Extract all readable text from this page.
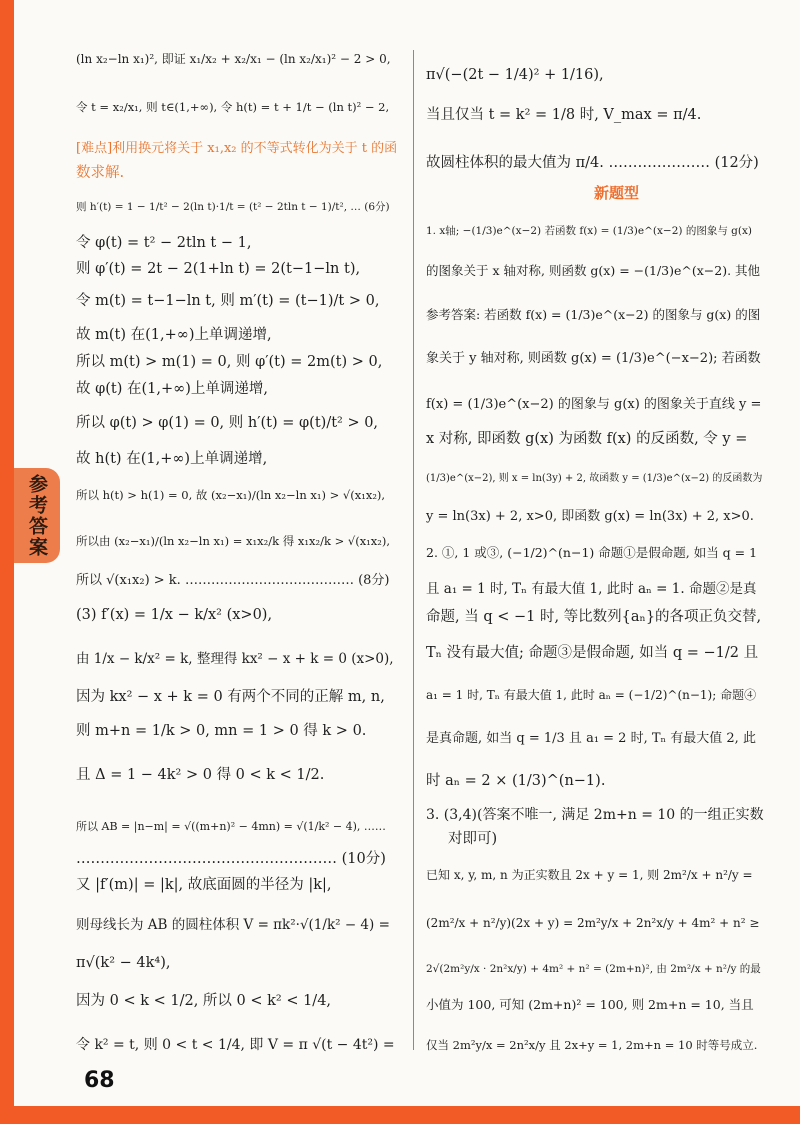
参考答案
(ln x₂−ln x₁)², 即证 x₁/x₂ + x₂/x₁ − (ln x₂/x₁)² − 2 > 0,
令 t = x₂/x₁, 则 t∈(1,+∞), 令 h(t) = t + 1/t − (ln t)² − 2,
[难点]利用换元将关于 x₁,x₂ 的不等式转化为关于 t 的函
数求解.
则 h′(t) = 1 − 1/t² − 2(ln t)·1/t = (t² − 2tln t − 1)/t², … (6分)
令 φ(t) = t² − 2tln t − 1,
则 φ′(t) = 2t − 2(1+ln t) = 2(t−1−ln t),
令 m(t) = t−1−ln t, 则 m′(t) = (t−1)/t > 0,
故 m(t) 在(1,+∞)上单调递增,
所以 m(t) > m(1) = 0, 则 φ′(t) = 2m(t) > 0,
故 φ(t) 在(1,+∞)上单调递增,
所以 φ(t) > φ(1) = 0, 则 h′(t) = φ(t)/t² > 0,
故 h(t) 在(1,+∞)上单调递增,
所以 h(t) > h(1) = 0, 故 (x₂−x₁)/(ln x₂−ln x₁) > √(x₁x₂),
所以由 (x₂−x₁)/(ln x₂−ln x₁) = x₁x₂/k 得 x₁x₂/k > √(x₁x₂),
所以 √(x₁x₂) > k. ………………………………… (8分)
(3) f′(x) = 1/x − k/x² (x>0),
由 1/x − k/x² = k, 整理得 kx² − x + k = 0 (x>0),
因为 kx² − x + k = 0 有两个不同的正解 m, n,
则 m+n = 1/k > 0, mn = 1 > 0 得 k > 0.
且 Δ = 1 − 4k² > 0 得 0 < k < 1/2.
所以 AB = |n−m| = √((m+n)² − 4mn) = √(1/k² − 4), ……
……………………………………………… (10分)
又 |f′(m)| = |k|, 故底面圆的半径为 |k|,
则母线长为 AB 的圆柱体积 V = πk²·√(1/k² − 4) =
π√(k² − 4k⁴),
因为 0 < k < 1/2, 所以 0 < k² < 1/4,
令 k² = t, 则 0 < t < 1/4, 即 V = π √(t − 4t²) =
π√(−(2t − 1/4)² + 1/16),
当且仅当 t = k² = 1/8 时, V_max = π/4.
故圆柱体积的最大值为 π/4. ………………… (12分)
新题型
1. x轴; −(1/3)e^(x−2) 若函数 f(x) = (1/3)e^(x−2) 的图象与 g(x)
的图象关于 x 轴对称, 则函数 g(x) = −(1/3)e^(x−2). 其他
参考答案: 若函数 f(x) = (1/3)e^(x−2) 的图象与 g(x) 的图
象关于 y 轴对称, 则函数 g(x) = (1/3)e^(−x−2); 若函数
f(x) = (1/3)e^(x−2) 的图象与 g(x) 的图象关于直线 y =
x 对称, 即函数 g(x) 为函数 f(x) 的反函数, 令 y =
(1/3)e^(x−2), 则 x = ln(3y) + 2, 故函数 y = (1/3)e^(x−2) 的反函数为
y = ln(3x) + 2, x>0, 即函数 g(x) = ln(3x) + 2, x>0.
2. ①, 1 或③, (−1/2)^(n−1) 命题①是假命题, 如当 q = 1
且 a₁ = 1 时, Tₙ 有最大值 1, 此时 aₙ = 1. 命题②是真
命题, 当 q < −1 时, 等比数列{aₙ}的各项正负交替,
Tₙ 没有最大值; 命题③是假命题, 如当 q = −1/2 且
a₁ = 1 时, Tₙ 有最大值 1, 此时 aₙ = (−1/2)^(n−1); 命题④
是真命题, 如当 q = 1/3 且 a₁ = 2 时, Tₙ 有最大值 2, 此
时 aₙ = 2 × (1/3)^(n−1).
3. (3,4)(答案不唯一, 满足 2m+n = 10 的一组正实数
对即可)
已知 x, y, m, n 为正实数且 2x + y = 1, 则 2m²/x + n²/y =
(2m²/x + n²/y)(2x + y) = 2m²y/x + 2n²x/y + 4m² + n² ≥
2√(2m²y/x · 2n²x/y) + 4m² + n² = (2m+n)², 由 2m²/x + n²/y 的最
小值为 100, 可知 (2m+n)² = 100, 则 2m+n = 10, 当且
仅当 2m²y/x = 2n²x/y 且 2x+y = 1, 2m+n = 10 时等号成立.
68
